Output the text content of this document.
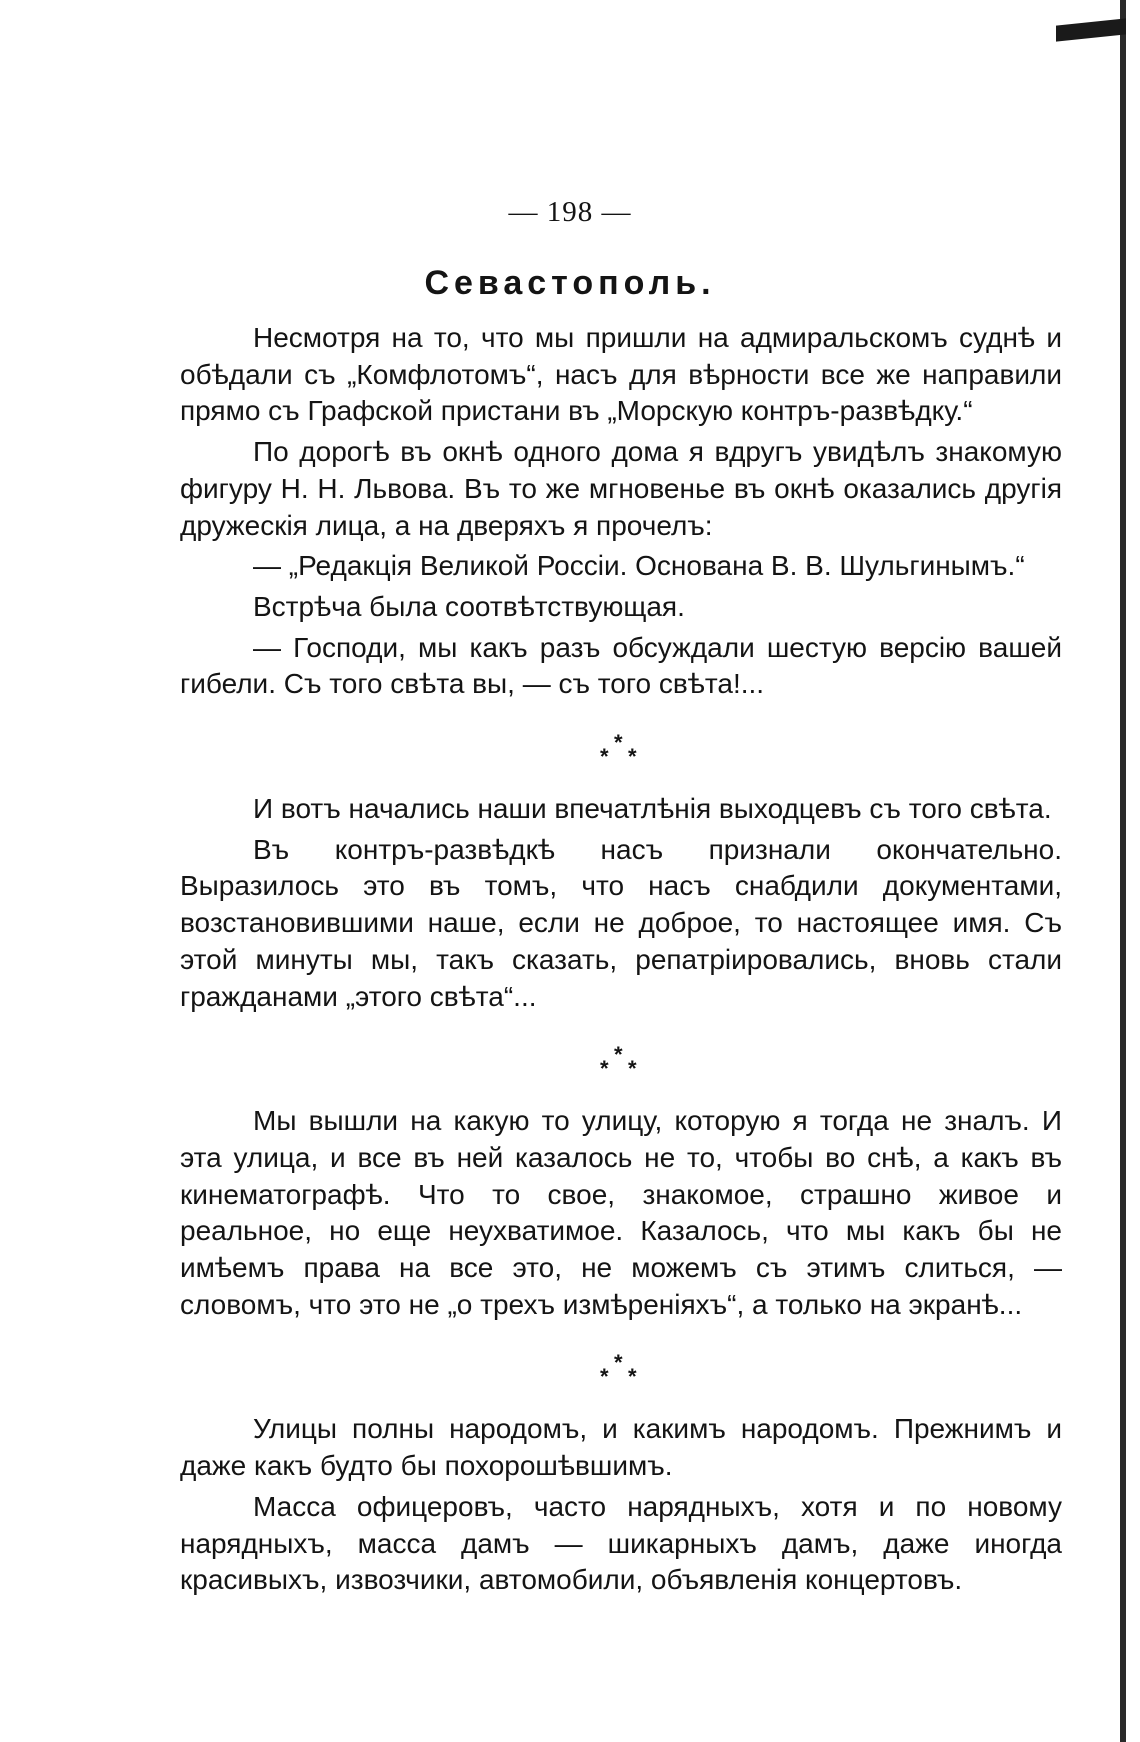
— 198 —
Севастополь.

Несмотря на то, что мы пришли на адмиральскомъ суднѣ и обѣдали съ „Комфлотомъ“, насъ для вѣрности все же направили прямо съ Графской пристани въ „Морскую контръ-развѣдку.“

По дорогѣ въ окнѣ одного дома я вдругъ увидѣлъ знакомую фигуру Н. Н. Львова. Въ то же мгновенье въ окнѣ оказались другія дружескія лица, а на дверяхъ я прочелъ:

— „Редакція Великой Россіи. Основана В. В. Шульгинымъ.“

Встрѣча была соотвѣтствующая.

— Господи, мы какъ разъ обсуждали шестую версію вашей гибели. Съ того свѣта вы, — съ того свѣта!...

*
* *

И вотъ начались наши впечатлѣнія выходцевъ съ того свѣта.

Въ контръ-развѣдкѣ насъ признали окончательно. Выразилось это въ томъ, что насъ снабдили документами, возстановившими наше, если не доброе, то настоящее имя. Съ этой минуты мы, такъ сказать, репатріировались, вновь стали гражданами „этого свѣта“...

*
* *

Мы вышли на какую то улицу, которую я тогда не зналъ. И эта улица, и все въ ней казалось не то, чтобы во снѣ, а какъ въ кинематографѣ. Что то свое, знакомое, страшно живое и реальное, но еще неухватимое. Казалось, что мы какъ бы не имѣемъ права на все это, не можемъ съ этимъ слиться, — словомъ, что это не „о трехъ измѣреніяхъ“, а только на экранѣ...

*
* *

Улицы полны народомъ, и какимъ народомъ. Прежнимъ и даже какъ будто бы похорошѣвшимъ.

Масса офицеровъ, часто нарядныхъ, хотя и по новому нарядныхъ, масса дамъ — шикарныхъ дамъ, даже иногда красивыхъ, извозчики, автомобили, объявленія концертовъ.
